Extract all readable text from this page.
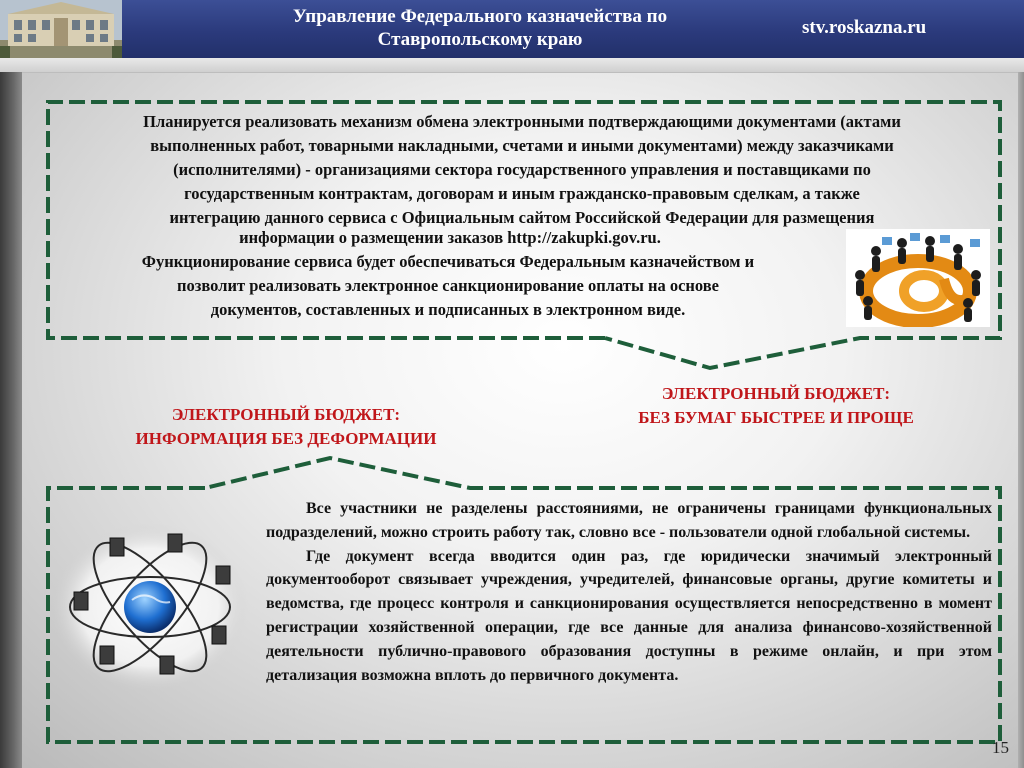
Управление Федерального казначейства по
Ставропольскому краю
stv.roskazna.ru
Планируется реализовать механизм обмена электронными подтверждающими документами (актами
выполненных работ, товарными накладными, счетами и иными документами) между заказчиками
(исполнителями) - организациями сектора государственного управления и поставщиками по
государственным контрактам, договорам и иным гражданско-правовым сделкам, а также
интеграцию данного сервиса с Официальным сайтом Российской Федерации для размещения
информации о размещении заказов http://zakupki.gov.ru.
Функционирование сервиса будет обеспечиваться Федеральным казначейством и
позволит реализовать электронное санкционирование оплаты на основе
документов, составленных и подписанных в электронном виде.
ЭЛЕКТРОННЫЙ БЮДЖЕТ:
БЕЗ БУМАГ БЫСТРЕЕ И ПРОЩЕ
ЭЛЕКТРОННЫЙ БЮДЖЕТ:
ИНФОРМАЦИЯ БЕЗ ДЕФОРМАЦИИ

Все участники не разделены расстояниями, не ограничены границами функциональных подразделений, можно строить работу так, словно все - пользователи одной глобальной системы.

Где документ всегда вводится один раз, где юридически значимый электронный документооборот связывает учреждения, учредителей, финансовые органы, другие комитеты и ведомства, где процесс контроля и санкционирования осуществляется непосредственно в момент регистрации хозяйственной операции, где все данные для анализа финансово-хозяйственной деятельности публично-правового образования доступны в режиме онлайн, и при этом детализация возможна вплоть до первичного документа.

15
